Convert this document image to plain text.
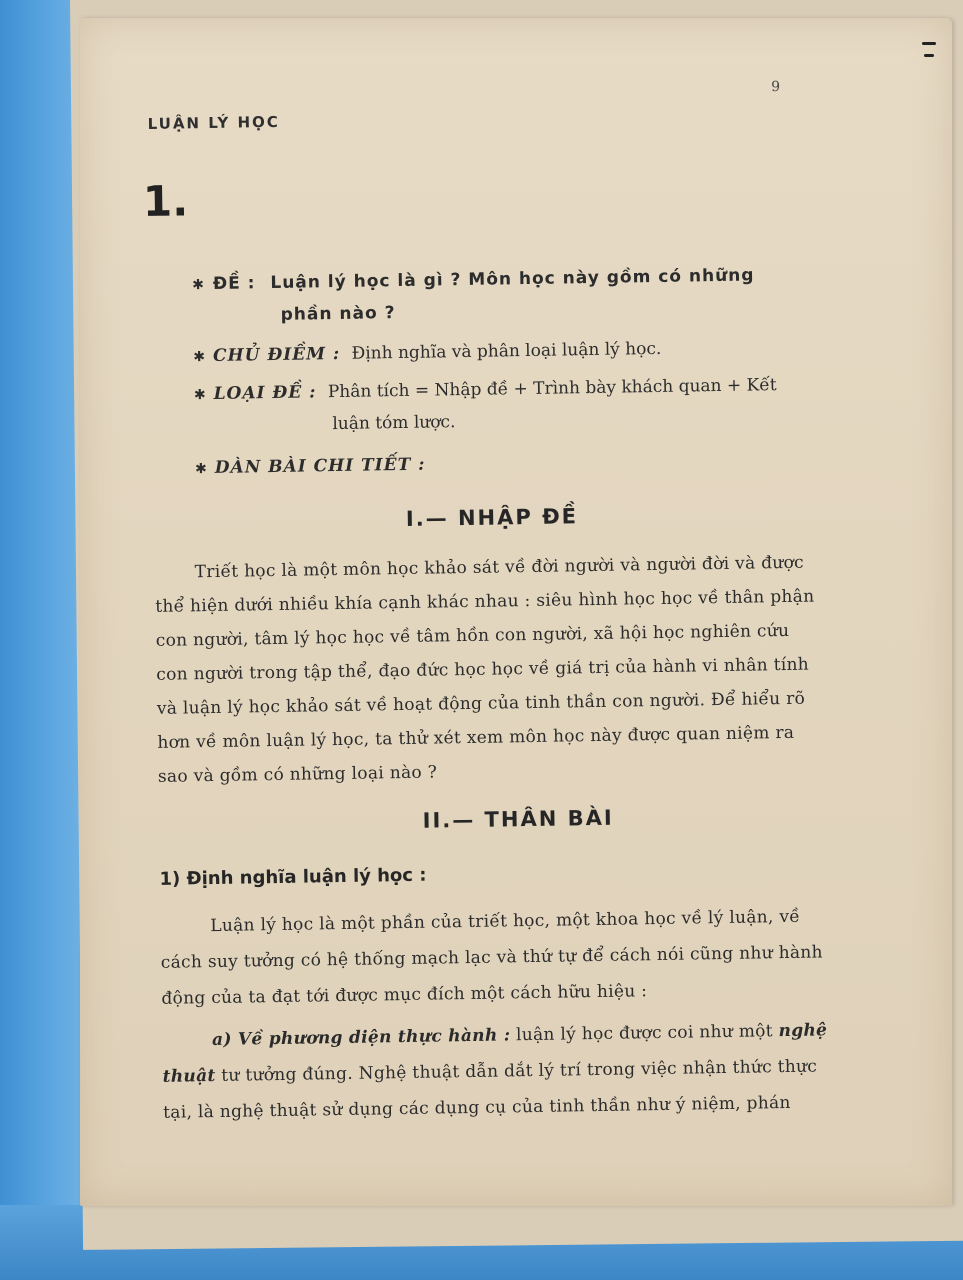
LUẬN LÝ HỌC
9
1.
✱ ĐỀ : Luận lý học là gì ? Môn học này gồm có những
phần nào ?
✱ CHỦ ĐIỀM : Định nghĩa và phân loại luận lý học.
✱ LOẠI ĐỀ : Phân tích = Nhập đề + Trình bày khách quan + Kết
luận tóm lược.
✱ DÀN BÀI CHI TIẾT :
I.— NHẬP ĐỀ
Triết học là một môn học khảo sát về đời người và người đời và được
thể hiện dưới nhiều khía cạnh khác nhau : siêu hình học học về thân phận
con người, tâm lý học học về tâm hồn con người, xã hội học nghiên cứu
con người trong tập thể, đạo đức học học về giá trị của hành vi nhân tính
và luận lý học khảo sát về hoạt động của tinh thần con người. Để hiểu rõ
hơn về môn luận lý học, ta thử xét xem môn học này được quan niệm ra
sao và gồm có những loại nào ?
II.— THÂN BÀI
1) Định nghĩa luận lý học :
Luận lý học là một phần của triết học, một khoa học về lý luận, về
cách suy tưởng có hệ thống mạch lạc và thứ tự để cách nói cũng như hành
động của ta đạt tới được mục đích một cách hữu hiệu :
a) Về phương diện thực hành : luận lý học được coi như một nghệ
thuật tư tưởng đúng. Nghệ thuật dẫn dắt lý trí trong việc nhận thức thực
tại, là nghệ thuật sử dụng các dụng cụ của tinh thần như ý niệm, phán
